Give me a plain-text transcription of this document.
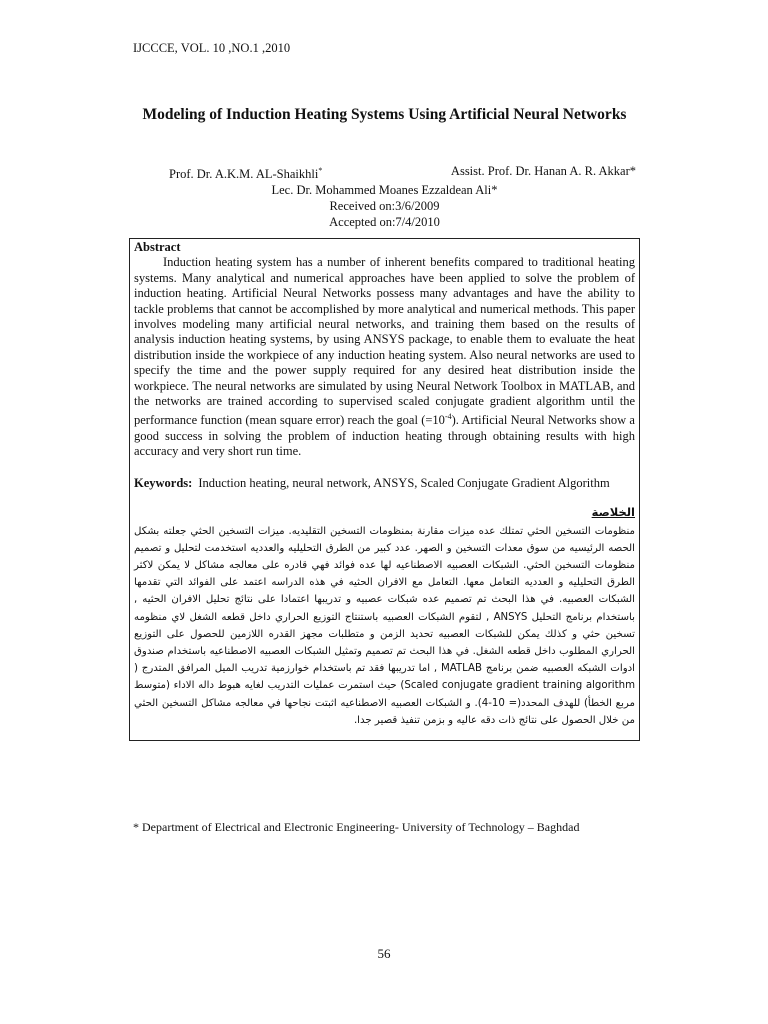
IJCCCE, VOL. 10 ,NO.1 ,2010
Modeling of Induction Heating Systems Using Artificial Neural Networks
Prof. Dr. A.K.M. AL-Shaikhli*	Assist. Prof. Dr. Hanan A. R. Akkar*
Lec. Dr. Mohammed Moanes Ezzaldean Ali*
Received on:3/6/2009
Accepted on:7/4/2010
Abstract

Induction heating system has a number of inherent benefits compared to traditional heating systems. Many analytical and numerical approaches have been applied to solve the problem of induction heating. Artificial Neural Networks possess many advantages and have the ability to tackle problems that cannot be accomplished by more analytical and numerical methods. This paper involves modeling many artificial neural networks, and training them based on the results of analysis induction heating systems, by using ANSYS package, to enable them to evaluate the heat distribution inside the workpiece of any induction heating system. Also neural networks are used to specify the time and the power supply required for any desired heat distribution inside the workpiece. The neural networks are simulated by using Neural Network Toolbox in MATLAB, and the networks are trained according to supervised scaled conjugate gradient algorithm until the performance function (mean square error) reach the goal $(=10^{-4})$. Artificial Neural Networks show a good success in solving the problem of induction heating through obtaining results with high accuracy and very short run time.

Keywords: Induction heating, neural network, ANSYS, Scaled Conjugate Gradient Algorithm
الخلاصة

منظومات التسخين الحثي تمتلك عده ميزات مقارنة بمنظومات التسخين التقليديه. ميزات التسخين الحثي جعلته بشكل الحصه الرئيسيه من سوق معدات التسخين و الصهر. عدد كبير من الطرق التحليليه والعدديه استخدمت لتحليل و تصميم منظومات التسخين الحثي. الشبكات العصبيه الاصطناعيه لها عده فوائد فهي قادره على معالجه مشاكل لا يمكن لاكثر الطرق التحليليه و العدديه التعامل معها. التعامل مع الافران الحثيه في هذه الدراسه اعتمد على الفوائد التي تقدمها الشبكات العصبيه. في هذا البحث تم تصميم عده شبكات عصبيه و تدريبها اعتمادا على نتائج تحليل الافران الحثيه , باستخدام برنامج التحليل ANSYS , لتقوم الشبكات العصبيه باستنتاج التوزيع الحراري داخل قطعه الشغل لاي منظومه تسخين حثي و كذلك يمكن للشبكات العصبيه تحديد الزمن و متطلبات مجهز القدره اللازمين للحصول على التوزيع الحراري المطلوب داخل قطعه الشغل. في هذا البحث تم تصميم وتمثيل الشبكات العصبيه الاصطناعيه باستخدام صندوق ادوات الشبكه العصبيه ضمن برنامج MATLAB , اما تدريبها فقد تم باستخدام خوارزمية تدريب الميل المرافق المتدرج ( Scaled conjugate gradient training algorithm) حيث استمرت عمليات التدريب لغايه هبوط داله الاداء (متوسط مربع الخطأ) للهدف المحدد(= 10-4). و الشبكات العصبيه الاصطناعيه اثبتت نجاحها في معالجه مشاكل التسخين الحثي من خلال الحصول على نتائج ذات دقه عاليه و بزمن تنفيذ قصير جدا.

* Department of Electrical and Electronic Engineering- University of Technology – Baghdad
56
